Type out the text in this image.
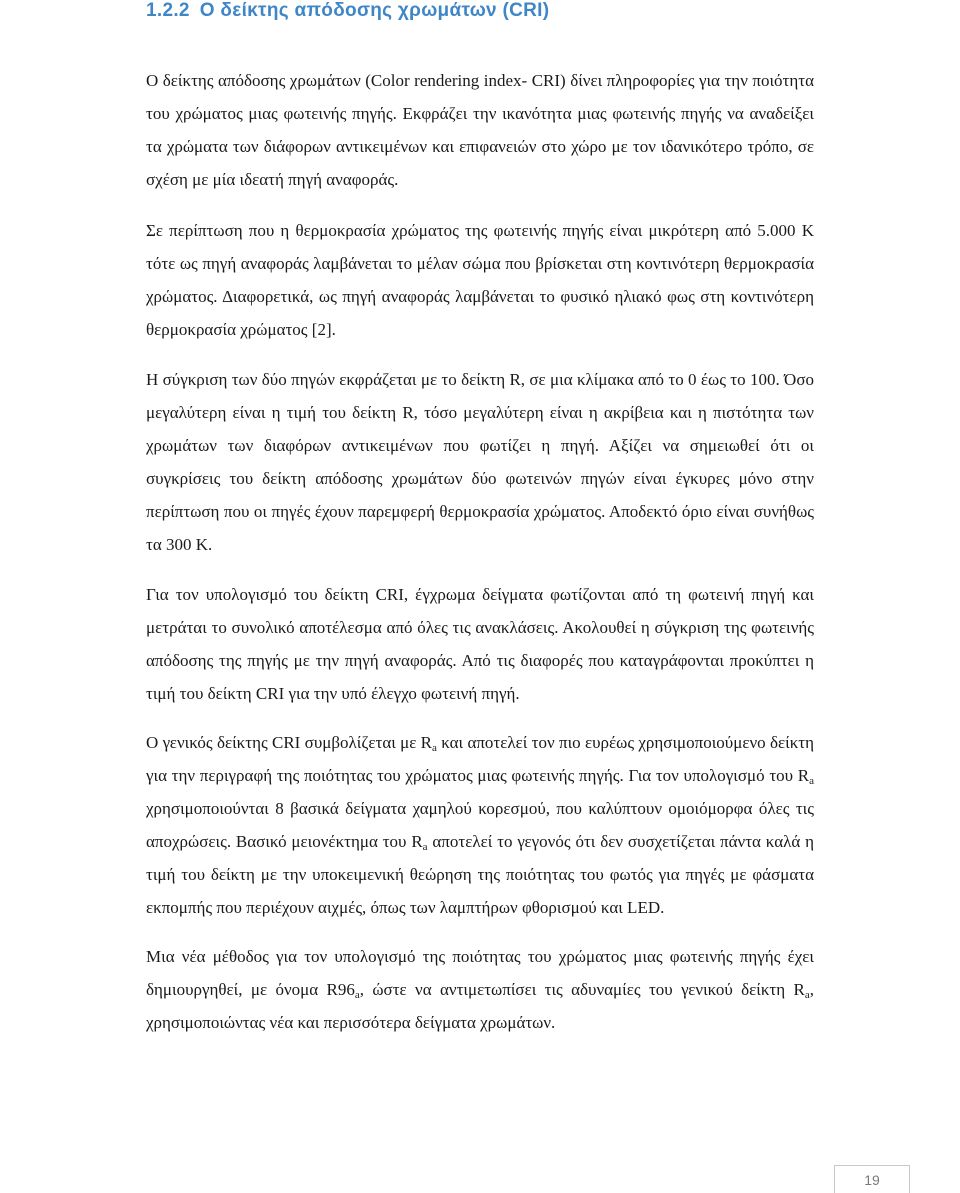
1.2.2 Ο δείκτης απόδοσης χρωμάτων (CRI)

Ο δείκτης απόδοσης χρωμάτων (Color rendering index- CRI) δίνει πληροφορίες για την ποιότητα του χρώματος μιας φωτεινής πηγής. Εκφράζει την ικανότητα μιας φωτεινής πηγής να αναδείξει τα χρώματα των διάφορων αντικειμένων και επιφανειών στο χώρο με τον ιδανικότερο τρόπο, σε σχέση με μία ιδεατή πηγή αναφοράς.

Σε περίπτωση που η θερμοκρασία χρώματος της φωτεινής πηγής είναι μικρότερη από 5.000 K τότε ως πηγή αναφοράς λαμβάνεται το μέλαν σώμα που βρίσκεται στη κοντινότερη θερμοκρασία χρώματος. Διαφορετικά, ως πηγή αναφοράς λαμβάνεται το φυσικό ηλιακό φως στη κοντινότερη θερμοκρασία χρώματος [2].

Η σύγκριση των δύο πηγών εκφράζεται με το δείκτη R, σε μια κλίμακα από το 0 έως το 100. Όσο μεγαλύτερη είναι η τιμή του δείκτη R, τόσο μεγαλύτερη είναι η ακρίβεια και η πιστότητα των χρωμάτων των διαφόρων αντικειμένων που φωτίζει η πηγή. Αξίζει να σημειωθεί ότι οι συγκρίσεις του δείκτη απόδοσης χρωμάτων δύο φωτεινών πηγών είναι έγκυρες μόνο στην περίπτωση που οι πηγές έχουν παρεμφερή θερμοκρασία χρώματος. Αποδεκτό όριο είναι συνήθως τα 300 K.

Για τον υπολογισμό του δείκτη CRI, έγχρωμα δείγματα φωτίζονται από τη φωτεινή πηγή και μετράται το συνολικό αποτέλεσμα από όλες τις ανακλάσεις. Ακολουθεί η σύγκριση της φωτεινής απόδοσης της πηγής με την πηγή αναφοράς. Από τις διαφορές που καταγράφονται προκύπτει η τιμή του δείκτη CRI για την υπό έλεγχο φωτεινή πηγή.

Ο γενικός δείκτης CRI συμβολίζεται με $R_a$ και αποτελεί τον πιο ευρέως χρησιμοποιούμενο δείκτη για την περιγραφή της ποιότητας του χρώματος μιας φωτεινής πηγής. Για τον υπολογισμό του $R_a$ χρησιμοποιούνται 8 βασικά δείγματα χαμηλού κορεσμού, που καλύπτουν ομοιόμορφα όλες τις αποχρώσεις. Βασικό μειονέκτημα του $R_a$ αποτελεί το γεγονός ότι δεν συσχετίζεται πάντα καλά η τιμή του δείκτη με την υποκειμενική θεώρηση της ποιότητας του φωτός για πηγές με φάσματα εκπομπής που περιέχουν αιχμές, όπως των λαμπτήρων φθορισμού και LED.

Μια νέα μέθοδος για τον υπολογισμό της ποιότητας του χρώματος μιας φωτεινής πηγής έχει δημιουργηθεί, με όνομα $R96_a$, ώστε να αντιμετωπίσει τις αδυναμίες του γενικού δείκτη $R_a$, χρησιμοποιώντας νέα και περισσότερα δείγματα χρωμάτων.

19
